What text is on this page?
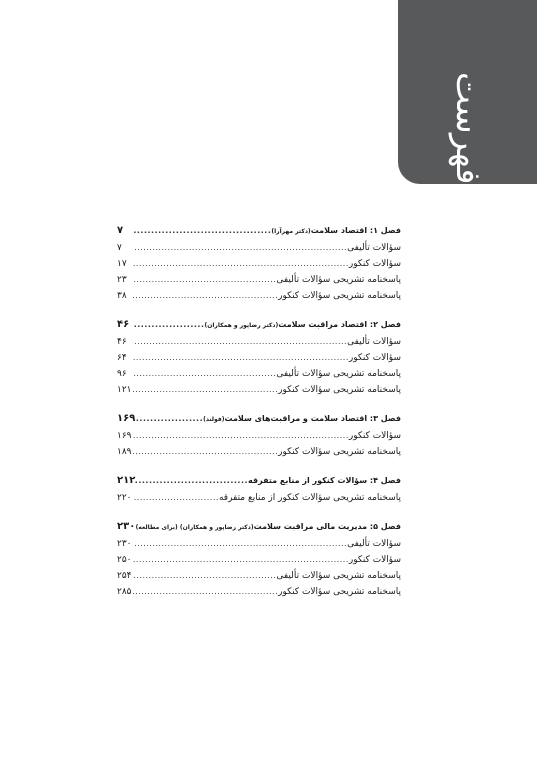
فهرست
فصل ۱: اقتصاد سلامت
(دکتر مهرآرا)
.....
۷
سؤالات تألیفی
.....
۷
سؤالات کنکور
.....
۱۷
پاسخنامه تشریحی سؤالات تألیفی
.....
۲۳
پاسخنامه تشریحی سؤالات کنکور
.....
۳۸
فصل ۲: اقتصاد مراقبت سلامت
(دکتر رضاپور و همکاران)
.....
۴۶
سؤالات تألیفی
.....
۴۶
سؤالات کنکور
.....
۶۴
پاسخنامه تشریحی سؤالات تألیفی
.....
۹۶
پاسخنامه تشریحی سؤالات کنکور
.....
۱۲۱
فصل ۳: اقتصاد سلامت و مراقبت‌های سلامت
(فولند)
.....
۱۶۹
سؤالات کنکور
.....
۱۶۹
پاسخنامه تشریحی سؤالات کنکور
.....
۱۸۹
فصل ۴: سؤالات کنکور از منابع متفرقه
.....
۲۱۲
پاسخنامه تشریحی سؤالات کنکور از منابع متفرقه
.....
۲۲۰
فصل ۵: مدیریت مالی مراقبت سلامت
(دکتر رضاپور و همکاران) (برای مطالعه)
.....
۲۳۰
سؤالات تألیفی
.....
۲۳۰
سؤالات کنکور
.....
۲۵۰
پاسخنامه تشریحی سؤالات تألیفی
.....
۲۵۴
پاسخنامه تشریحی سؤالات کنکور
.....
۲۸۵
